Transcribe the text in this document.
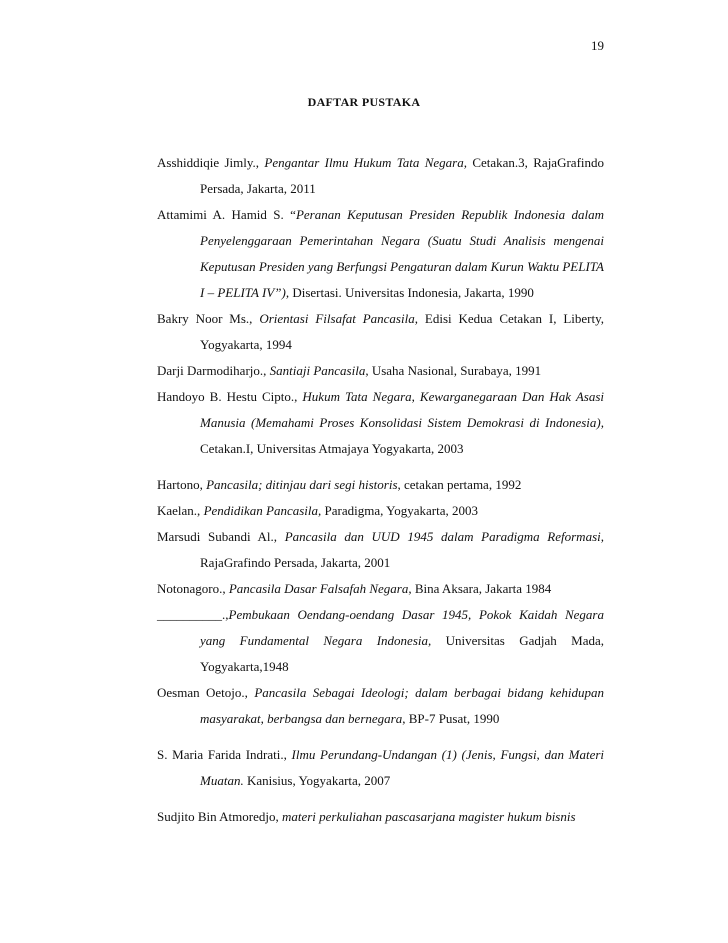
19
DAFTAR PUSTAKA
Asshiddiqie Jimly., Pengantar Ilmu Hukum Tata Negara, Cetakan.3, RajaGrafindo Persada, Jakarta, 2011
Attamimi A. Hamid S. “Peranan Keputusan Presiden Republik Indonesia dalam Penyelenggaraan Pemerintahan Negara (Suatu Studi Analisis mengenai Keputusan Presiden yang Berfungsi Pengaturan dalam Kurun Waktu PELITA I – PELITA IV”), Disertasi. Universitas Indonesia, Jakarta, 1990
Bakry Noor Ms., Orientasi Filsafat Pancasila, Edisi Kedua Cetakan I, Liberty, Yogyakarta, 1994
Darji Darmodiharjo., Santiaji Pancasila, Usaha Nasional, Surabaya, 1991
Handoyo B. Hestu Cipto., Hukum Tata Negara, Kewarganegaraan Dan Hak Asasi Manusia (Memahami Proses Konsolidasi Sistem Demokrasi di Indonesia), Cetakan.I, Universitas Atmajaya Yogyakarta, 2003
Hartono, Pancasila; ditinjau dari segi historis, cetakan pertama, 1992
Kaelan., Pendidikan Pancasila, Paradigma, Yogyakarta, 2003
Marsudi Subandi Al., Pancasila dan UUD 1945 dalam Paradigma Reformasi, RajaGrafindo Persada, Jakarta, 2001
Notonagoro., Pancasila Dasar Falsafah Negara, Bina Aksara, Jakarta 1984
__________.,Pembukaan Oendang-oendang Dasar 1945, Pokok Kaidah Negara yang Fundamental Negara Indonesia, Universitas Gadjah Mada, Yogyakarta,1948
Oesman Oetojo., Pancasila Sebagai Ideologi; dalam berbagai bidang kehidupan masyarakat, berbangsa dan bernegara, BP-7 Pusat, 1990
S. Maria Farida Indrati., Ilmu Perundang-Undangan (1) (Jenis, Fungsi, dan Materi Muatan. Kanisius, Yogyakarta, 2007
Sudjito Bin Atmoredjo, materi perkuliahan pascasarjana magister hukum bisnis
